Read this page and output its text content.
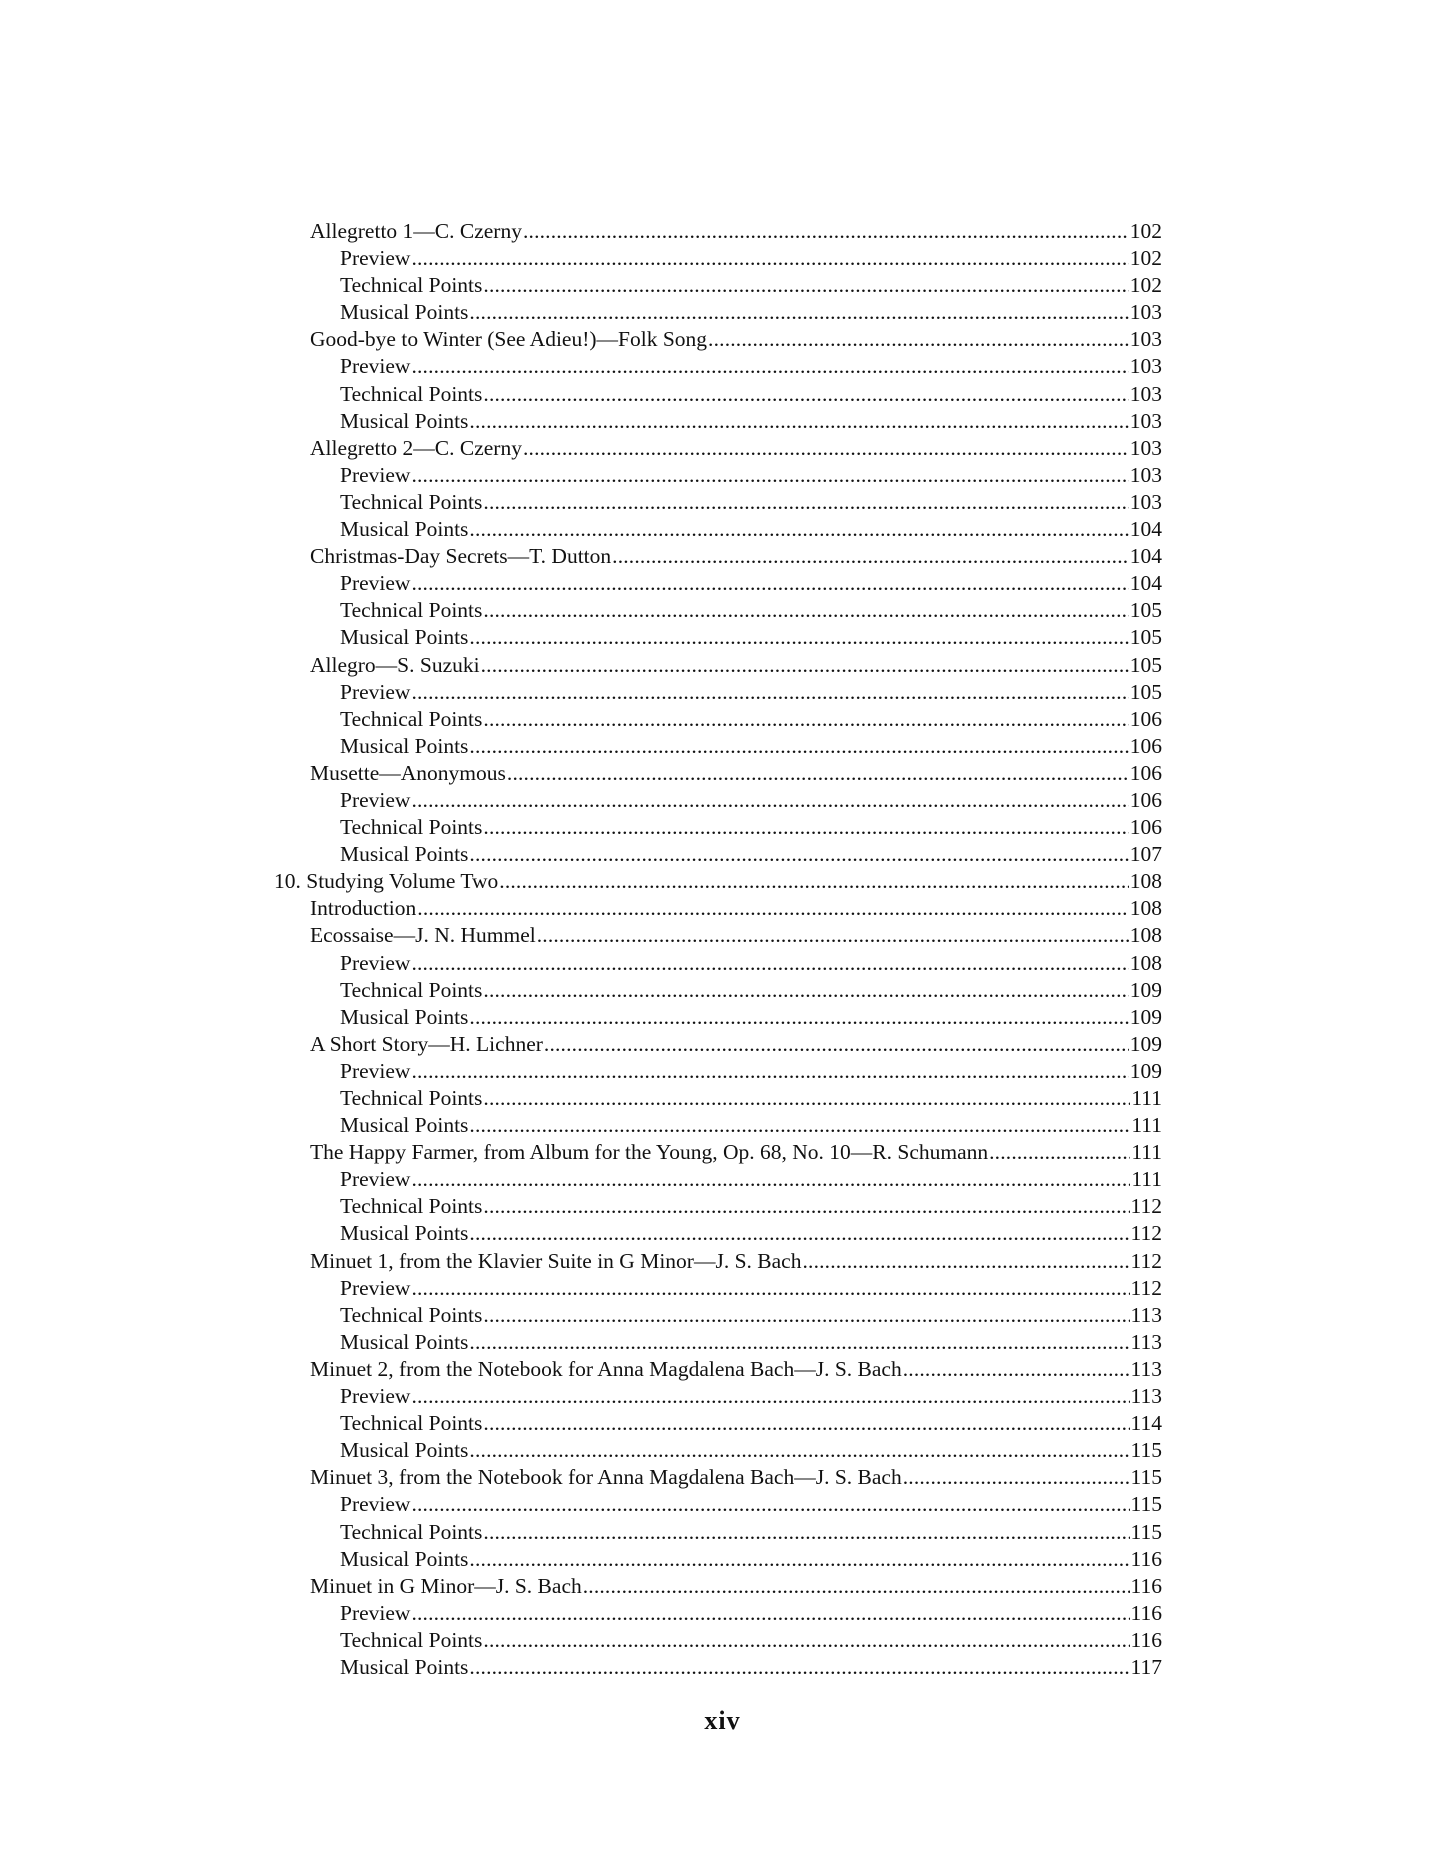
Allegretto 1—C. Czerny . . .	102
Preview . . .	102
Technical Points . . .	102
Musical Points . . .	103
Good-bye to Winter (See Adieu!)—Folk Song . . .	103
Preview . . .	103
Technical Points . . .	103
Musical Points . . .	103
Allegretto 2—C. Czerny . . .	103
Preview . . .	103
Technical Points . . .	103
Musical Points . . .	104
Christmas-Day Secrets—T. Dutton . . .	104
Preview . . .	104
Technical Points . . .	105
Musical Points . . .	105
Allegro—S. Suzuki . . .	105
Preview . . .	105
Technical Points . . .	106
Musical Points . . .	106
Musette—Anonymous . . .	106
Preview . . .	106
Technical Points . . .	106
Musical Points . . .	107
10. Studying Volume Two . . .	108
Introduction . . .	108
Ecossaise—J. N. Hummel . . .	108
Preview . . .	108
Technical Points . . .	109
Musical Points . . .	109
A Short Story—H. Lichner . . .	109
Preview . . .	109
Technical Points . . .	111
Musical Points . . .	111
The Happy Farmer, from Album for the Young, Op. 68, No. 10—R. Schumann . . .	111
Preview . . .	111
Technical Points . . .	112
Musical Points . . .	112
Minuet 1, from the Klavier Suite in G Minor—J. S. Bach . . .	112
Preview . . .	112
Technical Points . . .	113
Musical Points . . .	113
Minuet 2, from the Notebook for Anna Magdalena Bach—J. S. Bach . . .	113
Preview . . .	113
Technical Points . . .	114
Musical Points . . .	115
Minuet 3, from the Notebook for Anna Magdalena Bach—J. S. Bach . . .	115
Preview . . .	115
Technical Points . . .	115
Musical Points . . .	116
Minuet in G Minor—J. S. Bach . . .	116
Preview . . .	116
Technical Points . . .	116
Musical Points . . .	117
xiv
